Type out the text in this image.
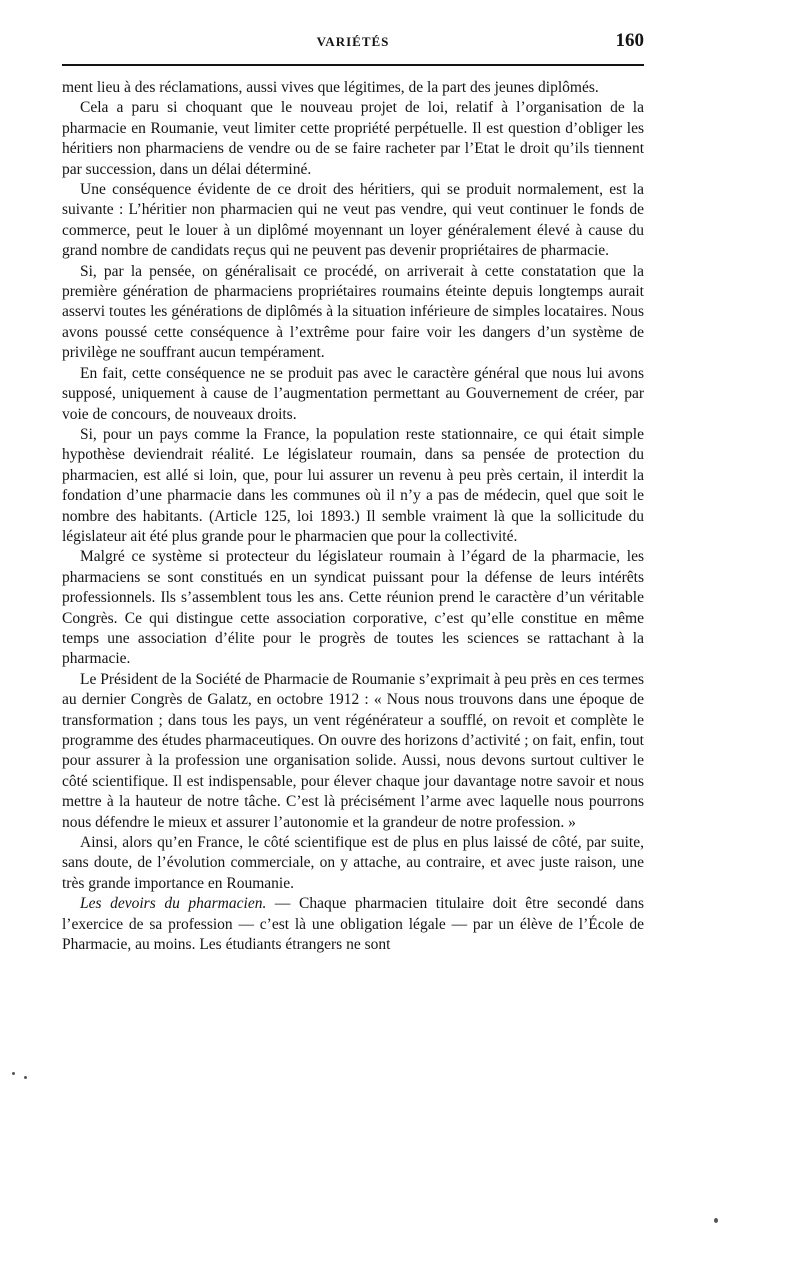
VARIÉTÉS	160

ment lieu à des réclamations, aussi vives que légitimes, de la part des jeunes diplômés.

Cela a paru si choquant que le nouveau projet de loi, relatif à l’organisation de la pharmacie en Roumanie, veut limiter cette propriété perpétuelle. Il est question d’obliger les héritiers non pharmaciens de vendre ou de se faire racheter par l’Etat le droit qu’ils tiennent par succession, dans un délai déterminé.

Une conséquence évidente de ce droit des héritiers, qui se produit normalement, est la suivante : L’héritier non pharmacien qui ne veut pas vendre, qui veut continuer le fonds de commerce, peut le louer à un diplômé moyennant un loyer généralement élevé à cause du grand nombre de candidats reçus qui ne peuvent pas devenir propriétaires de pharmacie.

Si, par la pensée, on généralisait ce procédé, on arriverait à cette constatation que la première génération de pharmaciens propriétaires roumains éteinte depuis longtemps aurait asservi toutes les générations de diplômés à la situation inférieure de simples locataires. Nous avons poussé cette conséquence à l’extrême pour faire voir les dangers d’un système de privilège ne souffrant aucun tempérament.

En fait, cette conséquence ne se produit pas avec le caractère général que nous lui avons supposé, uniquement à cause de l’augmentation permettant au Gouvernement de créer, par voie de concours, de nouveaux droits.

Si, pour un pays comme la France, la population reste stationnaire, ce qui était simple hypothèse deviendrait réalité. Le législateur roumain, dans sa pensée de protection du pharmacien, est allé si loin, que, pour lui assurer un revenu à peu près certain, il interdit la fondation d’une pharmacie dans les communes où il n’y a pas de médecin, quel que soit le nombre des habitants. (Article 125, loi 1893.) Il semble vraiment là que la sollicitude du législateur ait été plus grande pour le pharmacien que pour la collectivité.

Malgré ce système si protecteur du législateur roumain à l’égard de la pharmacie, les pharmaciens se sont constitués en un syndicat puissant pour la défense de leurs intérêts professionnels. Ils s’assemblent tous les ans. Cette réunion prend le caractère d’un véritable Congrès. Ce qui distingue cette association corporative, c’est qu’elle constitue en même temps une association d’élite pour le progrès de toutes les sciences se rattachant à la pharmacie.

Le Président de la Société de Pharmacie de Roumanie s’exprimait à peu près en ces termes au dernier Congrès de Galatz, en octobre 1912 : « Nous nous trouvons dans une époque de transformation ; dans tous les pays, un vent régénérateur a soufflé, on revoit et complète le programme des études pharmaceutiques. On ouvre des horizons d’activité ; on fait, enfin, tout pour assurer à la profession une organisation solide. Aussi, nous devons surtout cultiver le côté scientifique. Il est indispensable, pour élever chaque jour davantage notre savoir et nous mettre à la hauteur de notre tâche. C’est là précisément l’arme avec laquelle nous pourrons nous défendre le mieux et assurer l’autonomie et la grandeur de notre profession. »

Ainsi, alors qu’en France, le côté scientifique est de plus en plus laissé de côté, par suite, sans doute, de l’évolution commerciale, on y attache, au contraire, et avec juste raison, une très grande importance en Roumanie.

Les devoirs du pharmacien. — Chaque pharmacien titulaire doit être secondé dans l’exercice de sa profession — c’est là une obligation légale — par un élève de l’École de Pharmacie, au moins. Les étudiants étrangers ne sont
